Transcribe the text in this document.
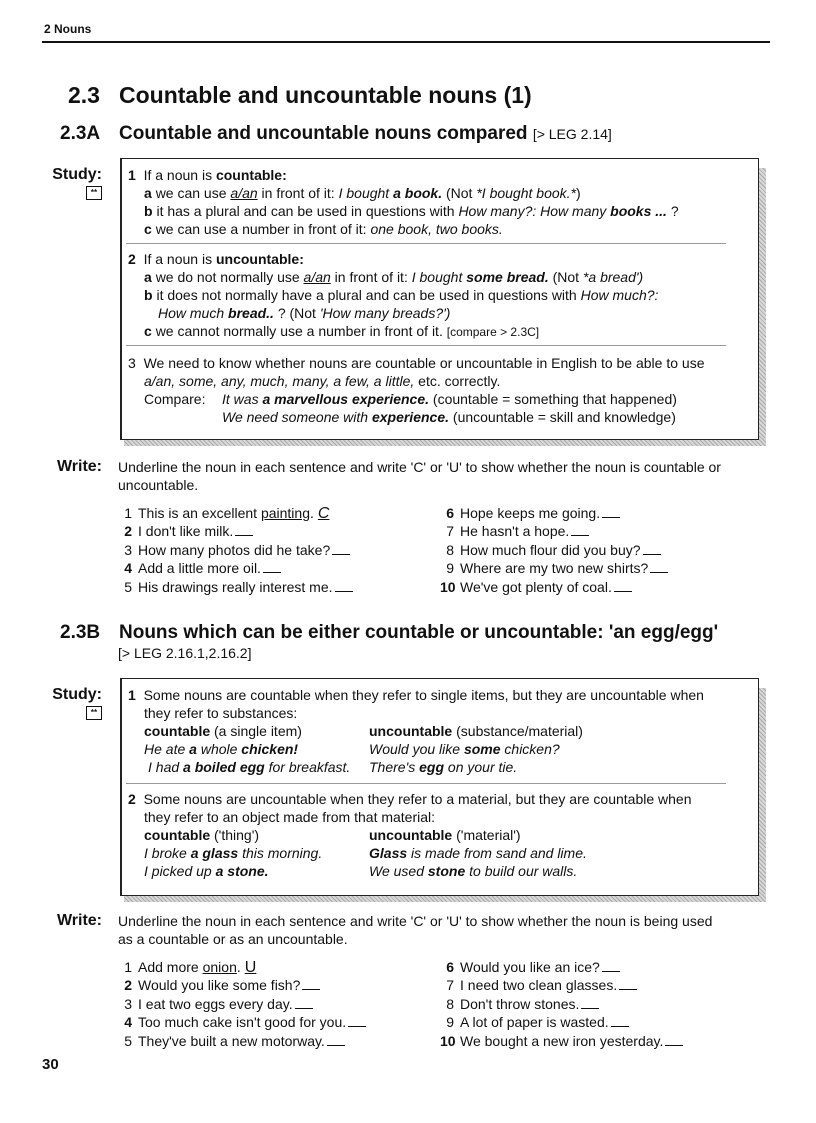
2 Nouns
2.3 Countable and uncountable nouns (1)
2.3A Countable and uncountable nouns compared [> LEG 2.14]
Study:
**
1 If a noun is countable:
a we can use a/an in front of it: I bought a book. (Not *I bought book.*)
b it has a plural and can be used in questions with How many?: How many books ... ?
c we can use a number in front of it: one book, two books.
2 If a noun is uncountable:
a we do not normally use a/an in front of it: I bought some bread. (Not *a bread')
b it does not normally have a plural and can be used in questions with How much?:
How much bread.. ? (Not 'How many breads?')
c we cannot normally use a number in front of it. [compare > 2.3C]
3 We need to know whether nouns are countable or uncountable in English to be able to use
a/an, some, any, much, many, a few, a little, etc. correctly.
Compare: It was a marvellous experience. (countable = something that happened)
We need someone with experience. (uncountable = skill and knowledge)
Write: Underline the noun in each sentence and write 'C' or 'U' to show whether the noun is countable or
uncountable.
1 This is an excellent painting. C
2 I don't like milk.
3 How many photos did he take?
4 Add a little more oil.
5 His drawings really interest me.
6 Hope keeps me going.
7 He hasn't a hope.
8 How much flour did you buy?
9 Where are my two new shirts?
10 We've got plenty of coal.
2.3B Nouns which can be either countable or uncountable: 'an egg/egg'
[> LEG 2.16.1,2.16.2]
Study:
**
1 Some nouns are countable when they refer to single items, but they are uncountable when
they refer to substances:
countable (a single item)	uncountable (substance/material)
He ate a whole chicken!	Would you like some chicken?
I had a boiled egg for breakfast. There's egg on your tie.
2 Some nouns are uncountable when they refer to a material, but they are countable when
they refer to an object made from that material:
countable ('thing')	uncountable ('material')
I broke a glass this morning.	Glass is made from sand and lime.
I picked up a stone.	We used stone to build our walls.
Write: Underline the noun in each sentence and write 'C' or 'U' to show whether the noun is being used
as a countable or as an uncountable.
1 Add more onion. U
2 Would you like some fish?
3 I eat two eggs every day.
4 Too much cake isn't good for you.
5 They've built a new motorway.
6 Would you like an ice?
7 I need two clean glasses.
8 Don't throw stones.
9 A lot of paper is wasted.
10 We bought a new iron yesterday.
30
